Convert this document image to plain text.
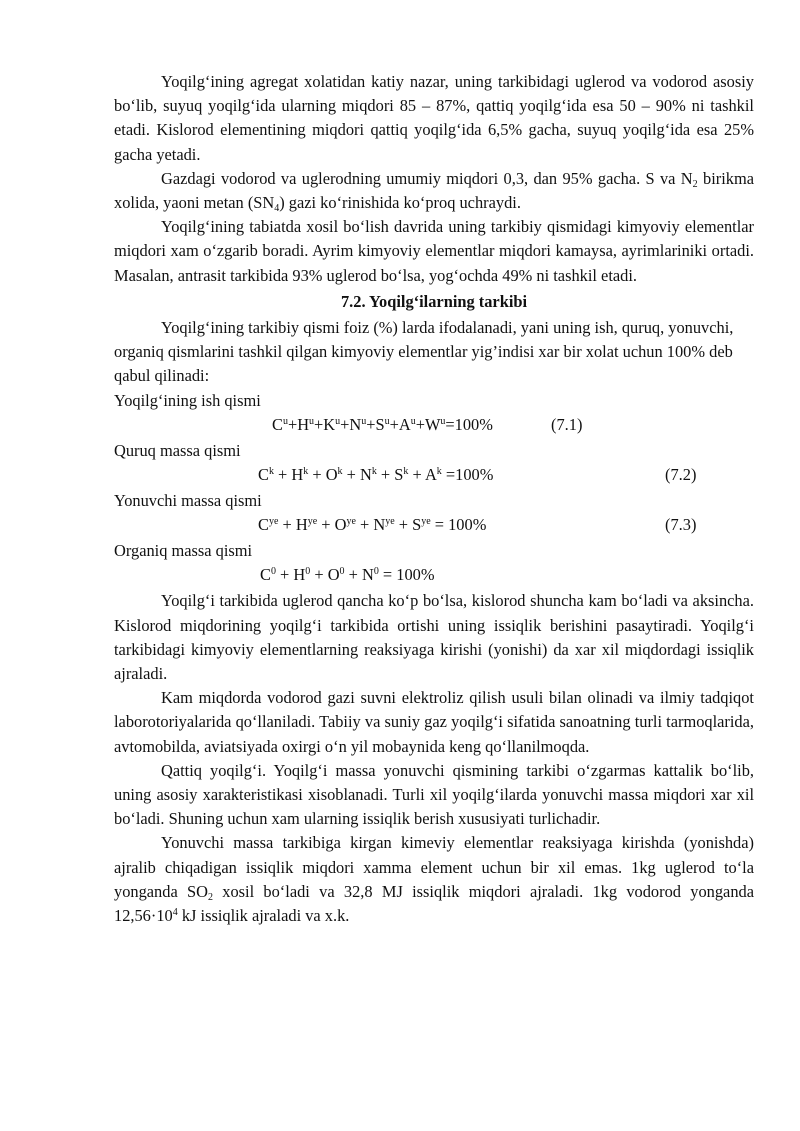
Yoqilg‘ining agregat xolatidan katiy nazar, uning tarkibidagi uglerod va vodorod asosiy bo‘lib, suyuq yoqilg‘ida ularning miqdori 85 – 87%, qattiq yoqilg‘ida esa 50 – 90% ni tashkil etadi. Kislorod elementining miqdori qattiq yoqilg‘ida 6,5% gacha, suyuq yoqilg‘ida esa 25% gacha yetadi.

Gazdagi vodorod va uglerodning umumiy miqdori 0,3, dan 95% gacha. S va $N_2$ birikma xolida, yaoni metan $(SN_4)$ gazi ko‘rinishida ko‘proq uchraydi.

Yoqilg‘ining tabiatda xosil bo‘lish davrida uning tarkibiy qismidagi kimyoviy elementlar miqdori xam o‘zgarib boradi. Ayrim kimyoviy elementlar miqdori kamaysa, ayrimlariniki ortadi. Masalan, antrasit tarkibida 93% uglerod bo‘lsa, yog‘ochda 49% ni tashkil etadi.

7.2. Yoqilg‘ilarning tarkibi

Yoqilg‘ining tarkibiy qismi foiz (%) larda ifodalanadi, yani uning ish, quruq, yonuvchi, organiq qismlarini tashkil qilgan kimyoviy elementlar yig’indisi xar bir xolat uchun 100% deb qabul qilinadi:

Yoqilg‘ining ish qismi

$C^u+H^u+K^u+N^u+S^u+A^u+W^u=100\%$	(7.1)

Quruq massa qismi

$C^k + H^k + O^k + N^k + S^k + A^k =100\%$	(7.2)

Yonuvchi massa qismi

$C^{ye} + H^{ye} + O^{ye} + N^{ye} + S^{ye} = 100\%$	(7.3)

Organiq massa qismi

$C^0 + H^0 + O^0 + N^0 = 100\%$

Yoqilg‘i tarkibida uglerod qancha ko‘p bo‘lsa, kislorod shuncha kam bo‘ladi va aksincha. Kislorod miqdorining yoqilg‘i tarkibida ortishi uning issiqlik berishini pasaytiradi. Yoqilg‘i tarkibidagi kimyoviy elementlarning reaksiyaga kirishi (yonishi) da xar xil miqdordagi issiqlik ajraladi.

Kam miqdorda vodorod gazi suvni elektroliz qilish usuli bilan olinadi va ilmiy tadqiqot laborotoriyalarida qo‘llaniladi. Tabiiy va suniy gaz yoqilg‘i sifatida sanoatning turli tarmoqlarida, avtomobilda, aviatsiyada oxirgi o‘n yil mobaynida keng qo‘llanilmoqda.

Qattiq yoqilg‘i. Yoqilg‘i massa yonuvchi qismining tarkibi o‘zgarmas kattalik bo‘lib, uning asosiy xarakteristikasi xisoblanadi. Turli xil yoqilg‘ilarda yonuvchi massa miqdori xar xil bo‘ladi. Shuning uchun xam ularning issiqlik berish xususiyati turlichadir.

Yonuvchi massa tarkibiga kirgan kimeviy elementlar reaksiyaga kirishda (yonishda) ajralib chiqadigan issiqlik miqdori xamma element uchun bir xil emas. 1kg uglerod to‘la yonganda $SO_2$ xosil bo‘ladi va 32,8 MJ issiqlik miqdori ajraladi. 1kg vodorod yonganda $12,56\cdot 10^4$ kJ issiqlik ajraladi va x.k.
